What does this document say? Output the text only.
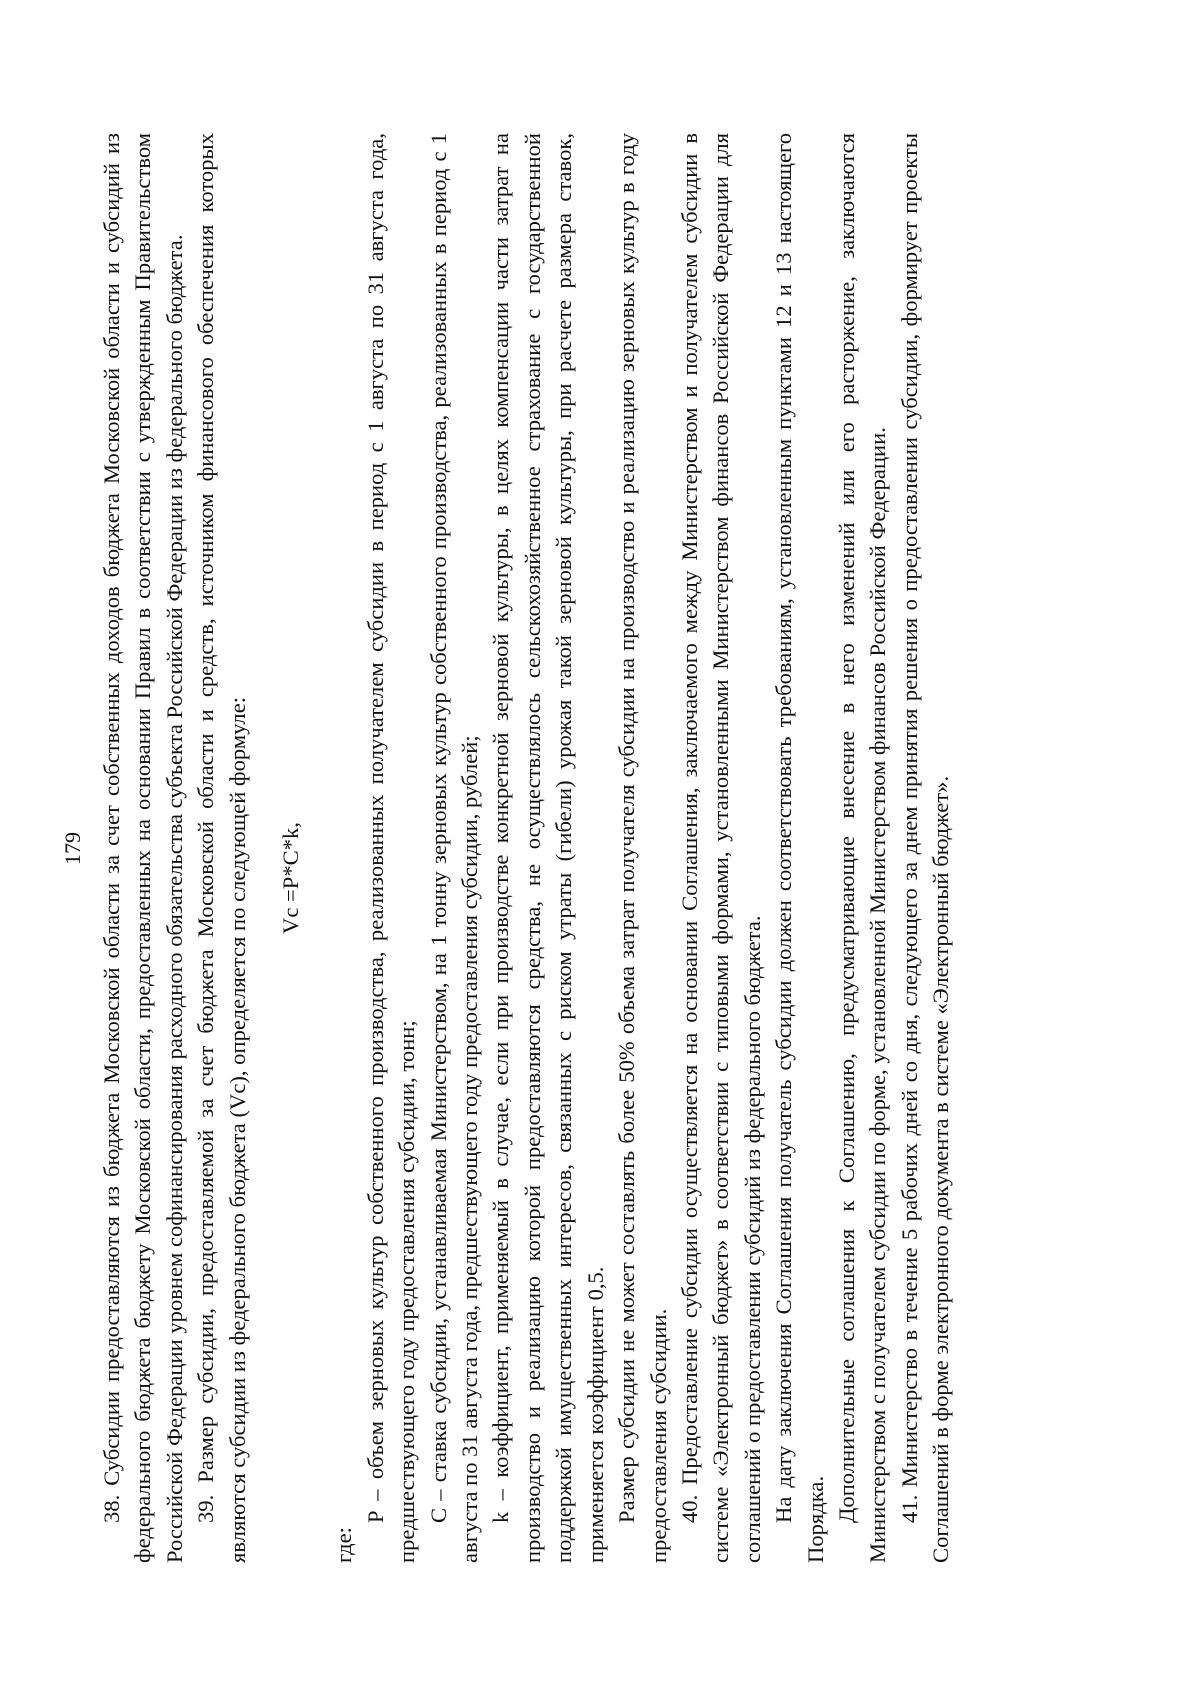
179 38. Субсидии предоставляются из бюджета Московской области за счет собственных доходов бюджета Московской области и субсидий из федерального бюджета бюджету Московской области, предоставленных на основании Правил в соответствии с утвержденным Правительством Российской Федерации уровнем софинансирования расходного обязательства субъекта Российской Федерации из федерального бюджета. 39. Размер субсидии, предоставляемой за счет бюджета Московской области и средств, источником финансового обеспечения которых являются субсидии из федерального бюджета (Vc), определяется по следующей формуле: Vc =P*C*k,

где:

P – объем зерновых культур собственного производства, реализованных получателем субсидии в период с 1 августа по 31 августа года, предшествующего году предоставления субсидии, тонн; C – ставка субсидии, устанавливаемая Министерством, на 1 тонну зерновых культур собственного производства, реализованных в период с 1 августа по 31 августа года, предшествующего году предоставления субсидии, рублей; k – коэффициент, применяемый в случае, если при производстве конкретной зерновой культуры, в целях компенсации части затрат на производство и реализацию которой предоставляются средства, не осуществлялось сельскохозяйственное страхование с государственной поддержкой имущественных интересов, связанных с риском утраты (гибели) урожая такой зерновой культуры, при расчете размера ставок, применяется коэффициент 0,5. Размер субсидии не может составлять более 50% объема затрат получателя субсидии на производство и реализацию зерновых культур в году предоставления субсидии. 40. Предоставление субсидии осуществляется на основании Соглашения, заключаемого между Министерством и получателем субсидии в системе «Электронный бюджет» в соответствии с типовыми формами, установленными Министерством финансов Российской Федерации для соглашений о предоставлении субсидий из федерального бюджета. На дату заключения Соглашения получатель субсидии должен соответствовать требованиям, установленным пунктами 12 и 13 настоящего Порядка. Дополнительные соглашения к Соглашению, предусматривающие внесение в него изменений или его расторжение, заключаются Министерством с получателем субсидии по форме, установленной Министерством финансов Российской Федерации. 41. Министерство в течение 5 рабочих дней со дня, следующего за днем принятия решения о предоставлении субсидии, формирует проекты Соглашений в форме электронного документа в системе «Электронный бюджет».
